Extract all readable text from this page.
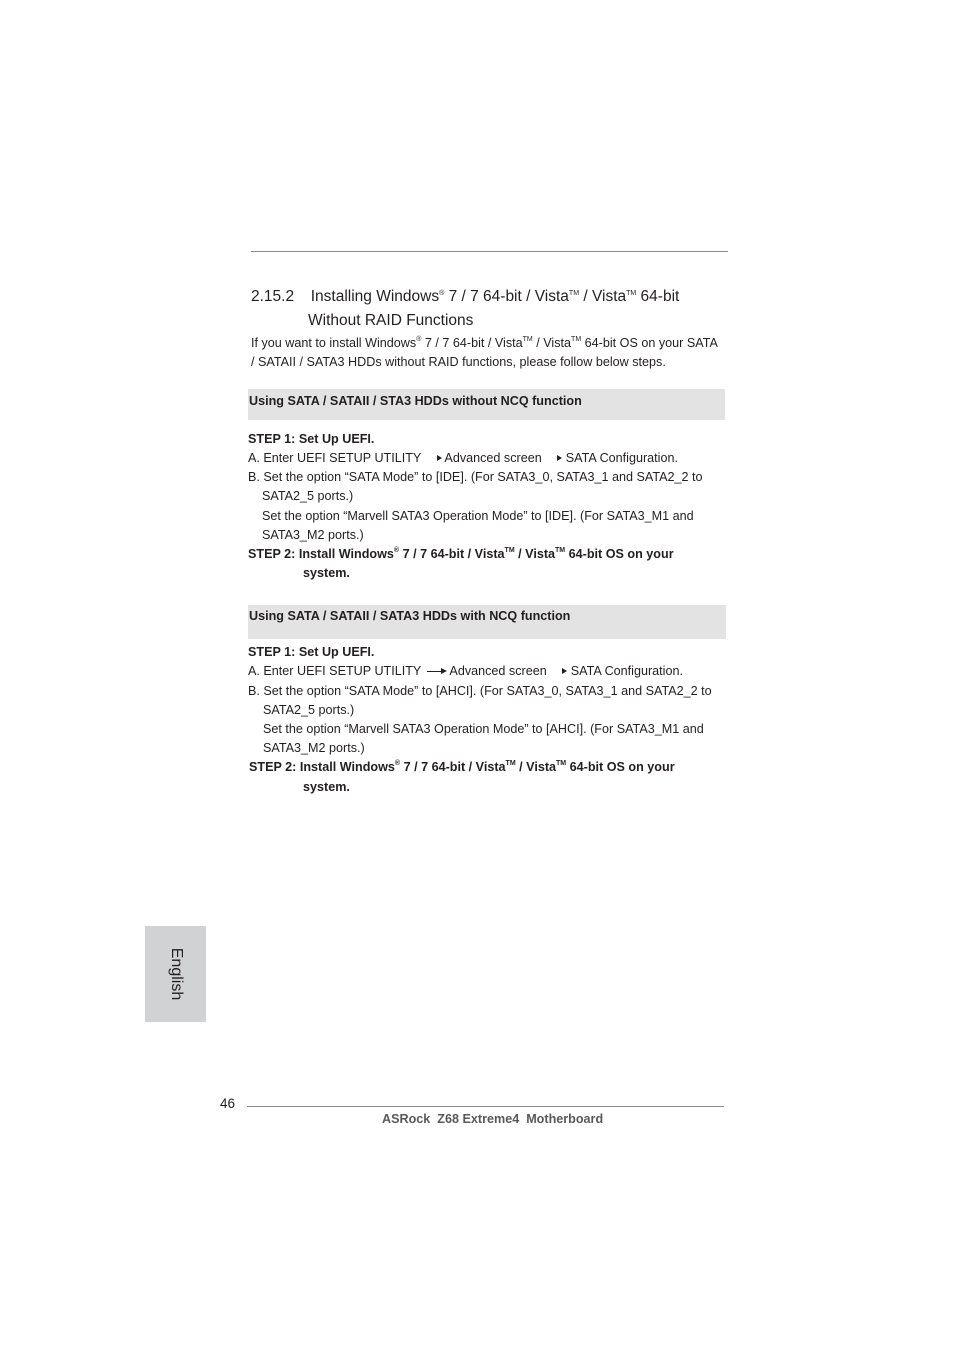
2.15.2 Installing Windows® 7 / 7 64-bit / Vista™ / Vista™ 64-bit
Without RAID Functions
If you want to install Windows® 7 / 7 64-bit / Vista™ / Vista™ 64-bit OS on your SATA
/ SATAII / SATA3 HDDs without RAID functions, please follow below steps.
Using SATA / SATAII / STA3 HDDs without NCQ function
STEP 1: Set Up UEFI.
A. Enter UEFI SETUP UTILITY Advanced screen SATA Configuration.
B. Set the option “SATA Mode” to [IDE]. (For SATA3_0, SATA3_1 and SATA2_2 to
SATA2_5 ports.)
Set the option “Marvell SATA3 Operation Mode” to [IDE]. (For SATA3_M1 and
SATA3_M2 ports.)
STEP 2: Install Windows® 7 / 7 64-bit / Vista™ / Vista™ 64-bit OS on your
system.
Using SATA / SATAII / SATA3 HDDs with NCQ function
STEP 1: Set Up UEFI.
A. Enter UEFI SETUP UTILITY Advanced screen SATA Configuration.
B. Set the option “SATA Mode” to [AHCI]. (For SATA3_0, SATA3_1 and SATA2_2 to
SATA2_5 ports.)
Set the option “Marvell SATA3 Operation Mode” to [AHCI]. (For SATA3_M1 and
SATA3_M2 ports.)
STEP 2: Install Windows® 7 / 7 64-bit / Vista™ / Vista™ 64-bit OS on your
system.
English
46
ASRock  Z68 Extreme4  Motherboard
